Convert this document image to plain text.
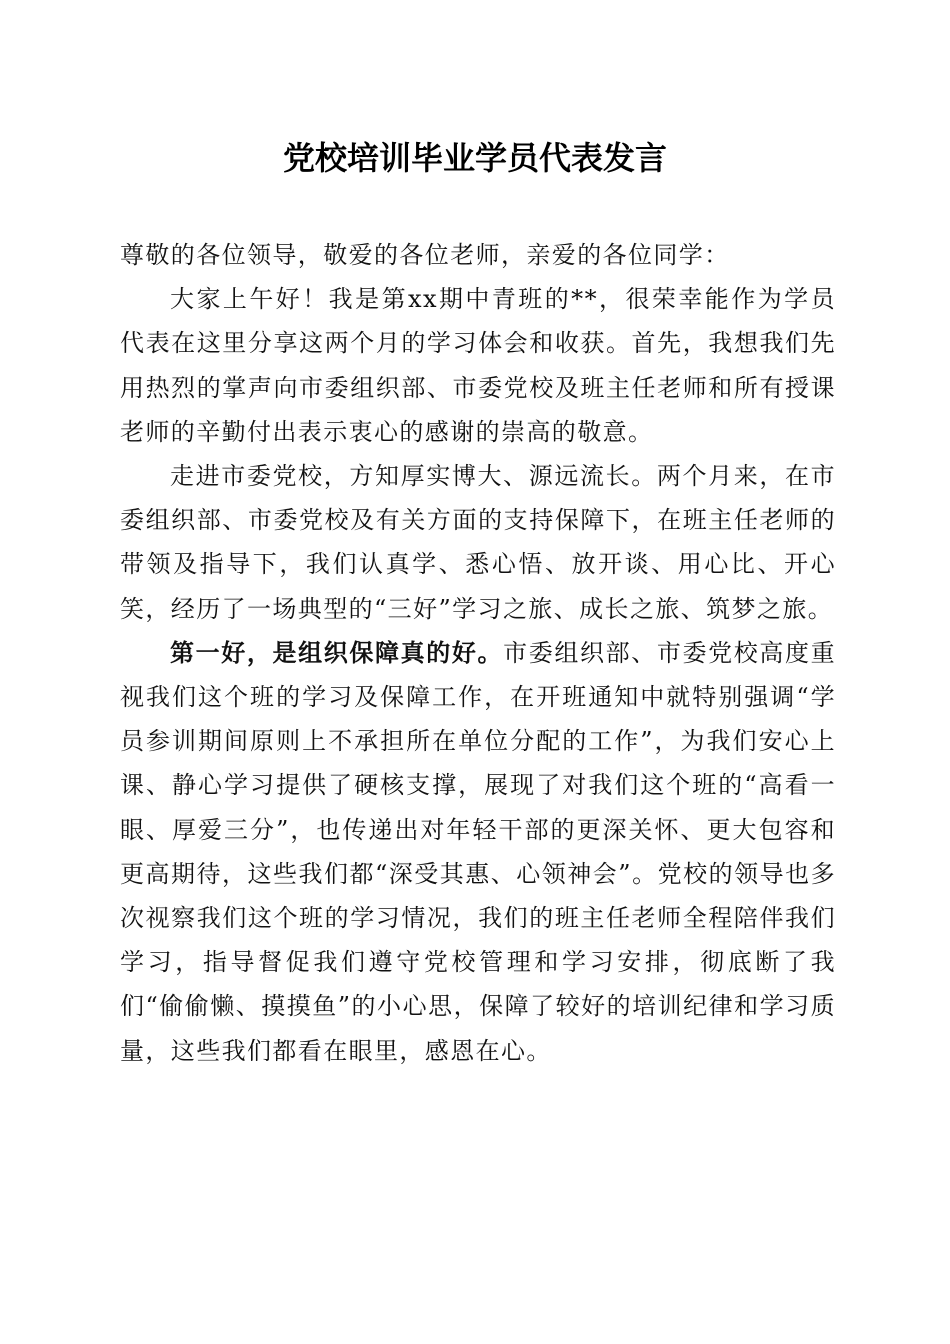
党校培训毕业学员代表发言

尊敬的各位领导，敬爱的各位老师，亲爱的各位同学：

大家上午好！我是第xx期中青班的**，很荣幸能作为学员代表在这里分享这两个月的学习体会和收获。首先，我想我们先用热烈的掌声向市委组织部、市委党校及班主任老师和所有授课老师的辛勤付出表示衷心的感谢的崇高的敬意。

走进市委党校，方知厚实博大、源远流长。两个月来，在市委组织部、市委党校及有关方面的支持保障下，在班主任老师的带领及指导下，我们认真学、悉心悟、放开谈、用心比、开心笑，经历了一场典型的“三好”学习之旅、成长之旅、筑梦之旅。

第一好，是组织保障真的好。市委组织部、市委党校高度重视我们这个班的学习及保障工作，在开班通知中就特别强调“学员参训期间原则上不承担所在单位分配的工作”，为我们安心上课、静心学习提供了硬核支撑，展现了对我们这个班的“高看一眼、厚爱三分”，也传递出对年轻干部的更深关怀、更大包容和更高期待，这些我们都“深受其惠、心领神会”。党校的领导也多次视察我们这个班的学习情况，我们的班主任老师全程陪伴我们学习，指导督促我们遵守党校管理和学习安排，彻底断了我们“偷偷懒、摸摸鱼”的小心思，保障了较好的培训纪律和学习质量，这些我们都看在眼里，感恩在心。
